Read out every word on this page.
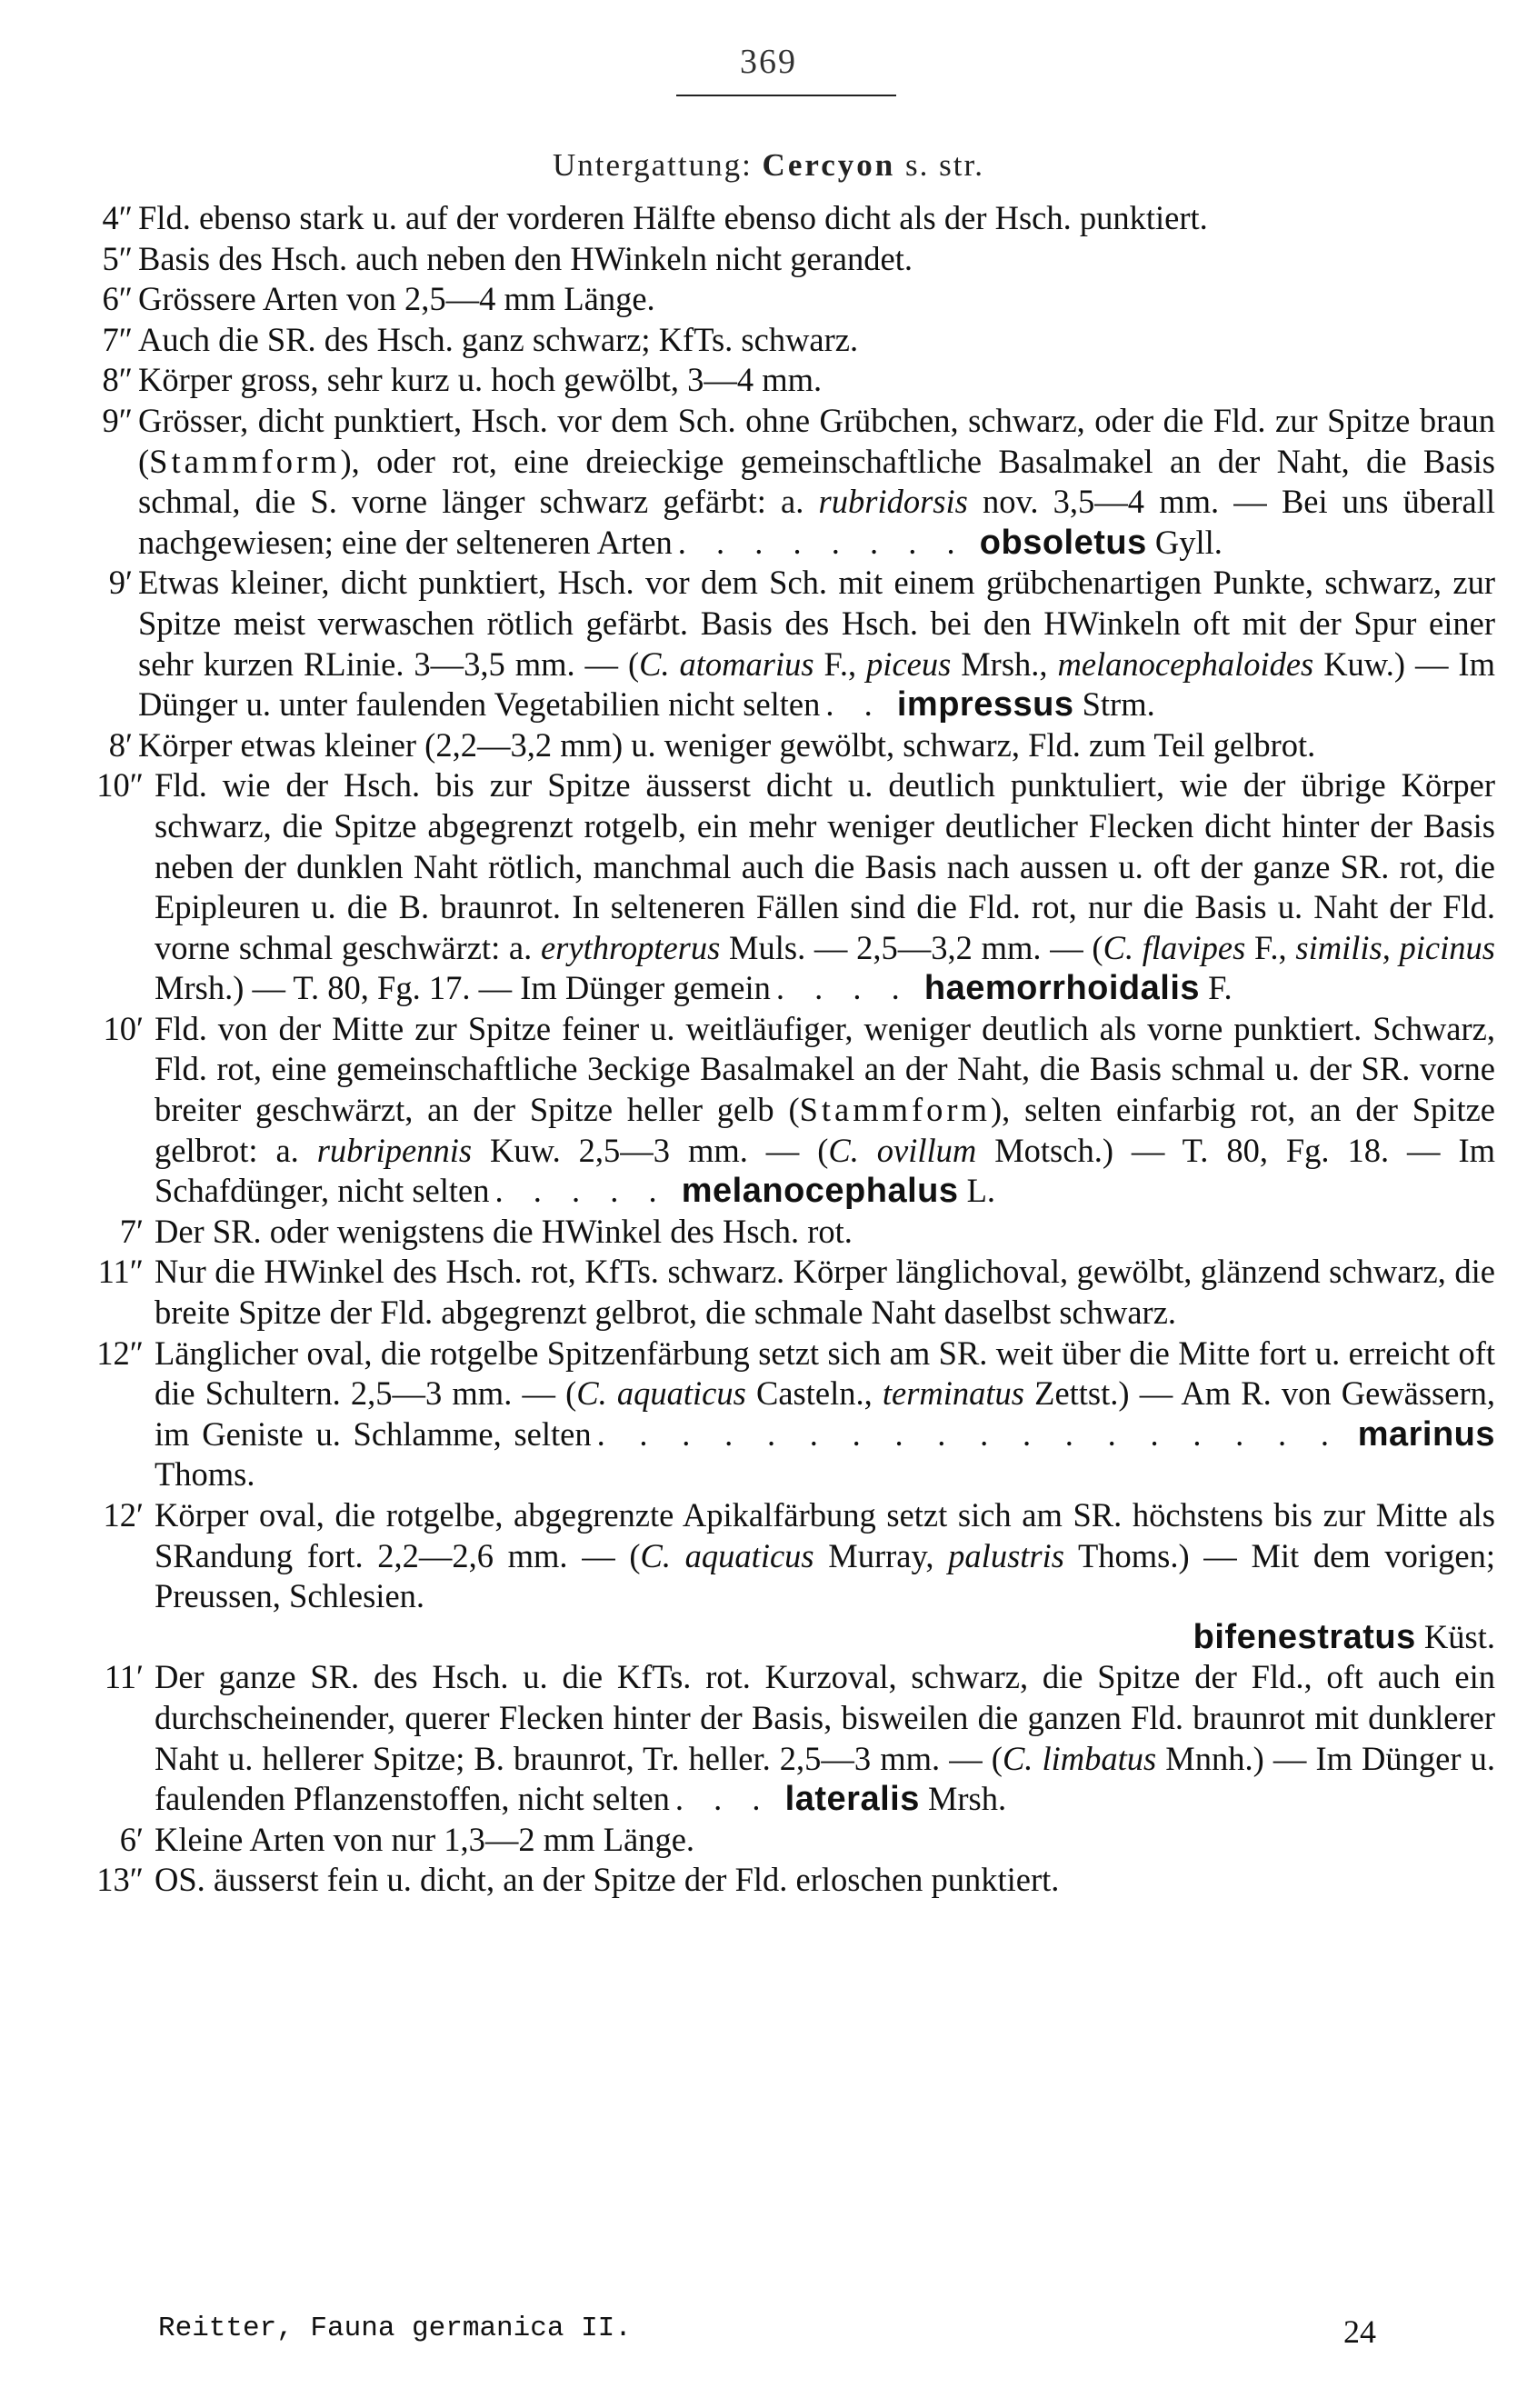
369
Untergattung: Cercyon s. str.
4″ Fld. ebenso stark u. auf der vorderen Hälfte ebenso dicht als der Hsch. punktiert.
5″ Basis des Hsch. auch neben den HWinkeln nicht gerandet.
6″ Grössere Arten von 2,5—4 mm Länge.
7″ Auch die SR. des Hsch. ganz schwarz; KfTs. schwarz.
8″ Körper gross, sehr kurz u. hoch gewölbt, 3—4 mm.
9″ Grösser, dicht punktiert, Hsch. vor dem Sch. ohne Grübchen, schwarz, oder die Fld. zur Spitze braun (Stammform), oder rot, eine dreieckige gemeinschaftliche Basalmakel an der Naht, die Basis schmal, die S. vorne länger schwarz gefärbt: a. rubridorsis nov. 3,5—4 mm. — Bei uns überall nachgewiesen; eine der selteneren Arten . . . . . . . . obsoletus Gyll.
9′ Etwas kleiner, dicht punktiert, Hsch. vor dem Sch. mit einem grübchenartigen Punkte, schwarz, zur Spitze meist verwaschen rötlich gefärbt. Basis des Hsch. bei den HWinkeln oft mit der Spur einer sehr kurzen RLinie. 3—3,5 mm. — (C. atomarius F., piceus Mrsh., melanocephaloides Kuw.) — Im Dünger u. unter faulenden Vegetabilien nicht selten . . impressus Strm.
8′ Körper etwas kleiner (2,2—3,2 mm) u. weniger gewölbt, schwarz, Fld. zum Teil gelbrot.
10″ Fld. wie der Hsch. bis zur Spitze äusserst dicht u. deutlich punktuliert, wie der übrige Körper schwarz, die Spitze abgegrenzt rotgelb, ein mehr weniger deutlicher Flecken dicht hinter der Basis neben der dunklen Naht rötlich, manchmal auch die Basis nach aussen u. oft der ganze SR. rot, die Epipleuren u. die B. braunrot. In selteneren Fällen sind die Fld. rot, nur die Basis u. Naht der Fld. vorne schmal geschwärzt: a. erythropterus Muls. — 2,5—3,2 mm. — (C. flavipes F., similis, picinus Mrsh.) — T. 80, Fg. 17. — Im Dünger gemein . . . . haemorrhoidalis F.
10′ Fld. von der Mitte zur Spitze feiner u. weitläufiger, weniger deutlich als vorne punktiert. Schwarz, Fld. rot, eine gemeinschaftliche 3eckige Basalmakel an der Naht, die Basis schmal u. der SR. vorne breiter geschwärzt, an der Spitze heller gelb (Stammform), selten einfarbig rot, an der Spitze gelbrot: a. rubripennis Kuw. 2,5—3 mm. — (C. ovillum Motsch.) — T. 80, Fg. 18. — Im Schafdünger, nicht selten . . . . . melanocephalus L.
7′ Der SR. oder wenigstens die HWinkel des Hsch. rot.
11″ Nur die HWinkel des Hsch. rot, KfTs. schwarz. Körper länglichoval, gewölbt, glänzend schwarz, die breite Spitze der Fld. abgegrenzt gelbrot, die schmale Naht daselbst schwarz.
12″ Länglicher oval, die rotgelbe Spitzenfärbung setzt sich am SR. weit über die Mitte fort u. erreicht oft die Schultern. 2,5—3 mm. — (C. aquaticus Casteln., terminatus Zettst.) — Am R. von Gewässern, im Geniste u. Schlamme, selten . . . . . . . . . . . . . . . . . . marinus Thoms.
12′ Körper oval, die rotgelbe, abgegrenzte Apikalfärbung setzt sich am SR. höchstens bis zur Mitte als SRandung fort. 2,2—2,6 mm. — (C. aquaticus Murray, palustris Thoms.) — Mit dem vorigen; Preussen, Schlesien.
bifenestratus Küst.
11′ Der ganze SR. des Hsch. u. die KfTs. rot. Kurzoval, schwarz, die Spitze der Fld., oft auch ein durchscheinender, querer Flecken hinter der Basis, bisweilen die ganzen Fld. braunrot mit dunklerer Naht u. hellerer Spitze; B. braunrot, Tr. heller. 2,5—3 mm. — (C. limbatus Mnnh.) — Im Dünger u. faulenden Pflanzenstoffen, nicht selten . . . lateralis Mrsh.
6′ Kleine Arten von nur 1,3—2 mm Länge.
13″ OS. äusserst fein u. dicht, an der Spitze der Fld. erloschen punktiert.
Reitter, Fauna germanica II.	24
